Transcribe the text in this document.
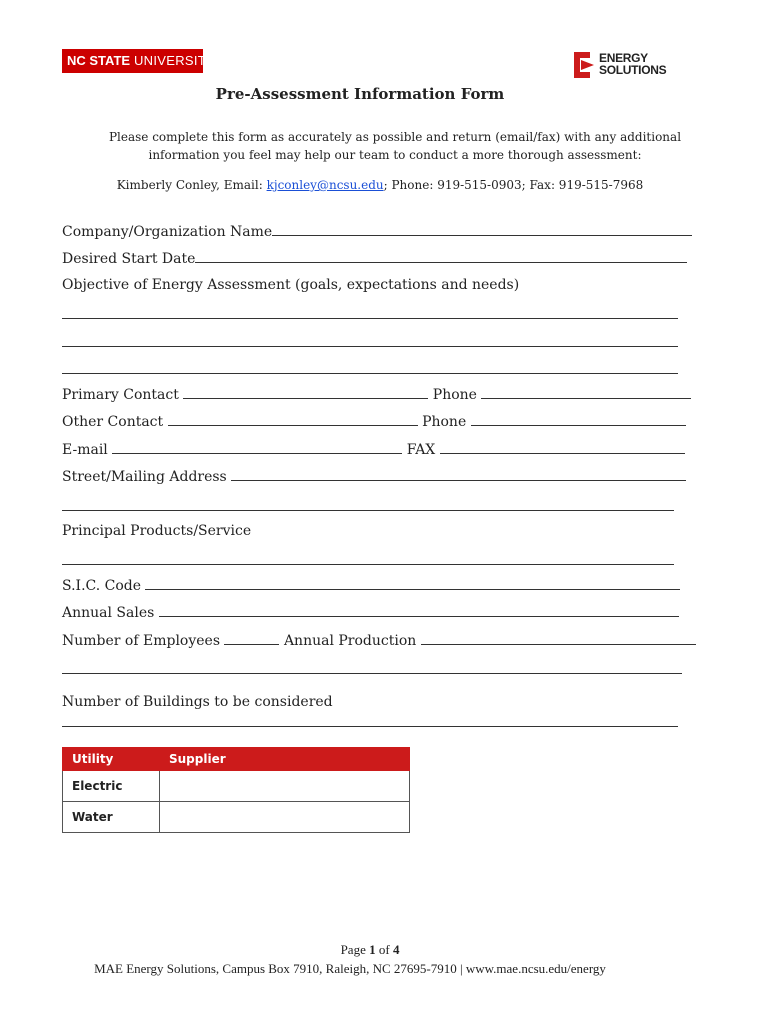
NC STATE UNIVERSITY	ENERGY
SOLUTIONS
Pre-Assessment Information Form
Please complete this form as accurately as possible and return (email/fax) with any additional
information you feel may help our team to conduct a more thorough assessment:
Kimberly Conley, Email: kjconley@ncsu.edu; Phone: 919-515-0903; Fax: 919-515-7968
Company/Organization Name
Desired Start Date
Objective of Energy Assessment (goals, expectations and needs)
Primary Contact	Phone
Other Contact	Phone
E-mail	FAX
Street/Mailing Address
Principal Products/Service
S.I.C. Code
Annual Sales
Number of Employees	Annual Production
Number of Buildings to be considered
Utility	Supplier
Electric	
Water	
Page 1 of 4
MAE Energy Solutions, Campus Box 7910, Raleigh, NC 27695-7910 | www.mae.ncsu.edu/energy
